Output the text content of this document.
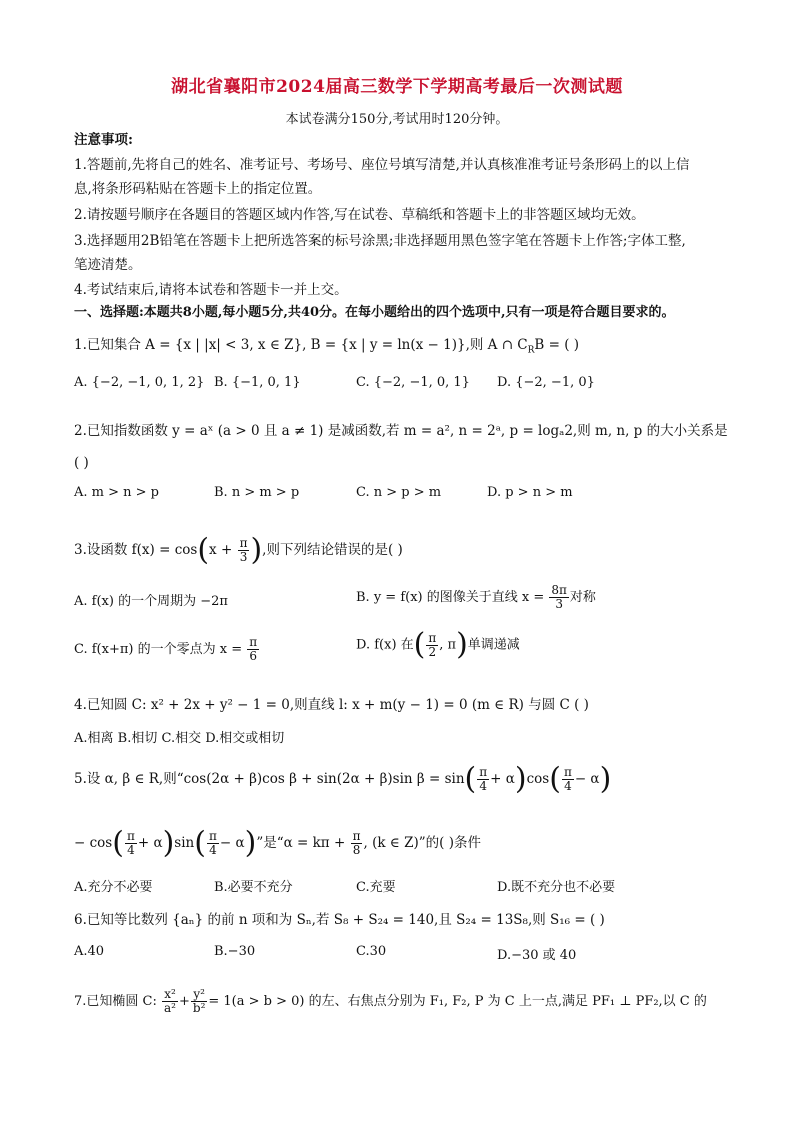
湖北省襄阳市2024届高三数学下学期高考最后一次测试题
本试卷满分150分,考试用时120分钟。
注意事项:
1.答题前,先将自己的姓名、准考证号、考场号、座位号填写清楚,并认真核准准考证号条形码上的以上信
息,将条形码粘贴在答题卡上的指定位置。
2.请按题号顺序在各题目的答题区域内作答,写在试卷、草稿纸和答题卡上的非答题区域均无效。
3.选择题用2B铅笔在答题卡上把所选答案的标号涂黑;非选择题用黑色签字笔在答题卡上作答;字体工整,
笔迹清楚。
4.考试结束后,请将本试卷和答题卡一并上交。
一、选择题:本题共8小题,每小题5分,共40分。在每小题给出的四个选项中,只有一项是符合题目要求的。
1.已知集合 A = {x | |x| < 3, x ∈ Z}, B = {x | y = ln(x − 1)},则 A ∩ $C_RB$ = ( )
A. {−2, −1, 0, 1, 2} B. {−1, 0, 1}	C. {−2, −1, 0, 1} D. {−2, −1, 0}
2.已知指数函数 y = aˣ (a > 0 且 a ≠ 1) 是减函数,若 m = a², n = 2ᵃ, p = logₐ2,则 m, n, p 的大小关系是
( )
A. m > n > p	B. n > m > p	C. n > p > m	D. p > n > m
3.设函数 $f(x) = \cos(x + \frac{\pi}{3}$ ),则下列结论错误的是( )
A. f(x) 的一个周期为 −2π	B. y = f(x) 的图像关于直线 $x = \frac{8\pi}{3}$ 对称
C. f(x+π) 的一个零点为 $x = \frac{\pi}{6}$	D. f(x) 在( $\frac{\pi}{2}$ , π)单调递减
4.已知圆 C: x² + 2x + y² − 1 = 0,则直线 l: x + m(y − 1) = 0 (m ∈ R) 与圆 C ( )
A.相离 B.相切 C.相交 D.相交或相切
5.设 α, β ∈ R,则“cos(2α + β)cos β + sin(2α + β)sin $\beta = \sin( \frac{\pi}{4} + \alpha)\cos( \frac{\pi}{4} - \alpha)$
− $\cos( \frac{\pi}{4} + \alpha)\sin( \frac{\pi}{4} - \alpha)$”是“$\alpha = k\pi + \frac{\pi}{8}$ , (k ∈ Z)”的( )条件
A.充分不必要	B.必要不充分	C.充要	D.既不充分也不必要
6.已知等比数列 {aₙ} 的前 n 项和为 Sₙ,若 S₈ + S₂₄ = 140,且 S₂₄ = 13S₈,则 S₁₆ = ( )
A.40	B.−30	C.30	D.−30 或 40
7.已知椭圆 C: $\frac{\text{x²}}{\text{a²}} + \frac{\text{y²}}{\text{b²}} = 1(a > b > 0)$ 的左、右焦点分别为 F₁, F₂, P 为 C 上一点,满足 PF₁ ⊥ PF₂,以 C 的
